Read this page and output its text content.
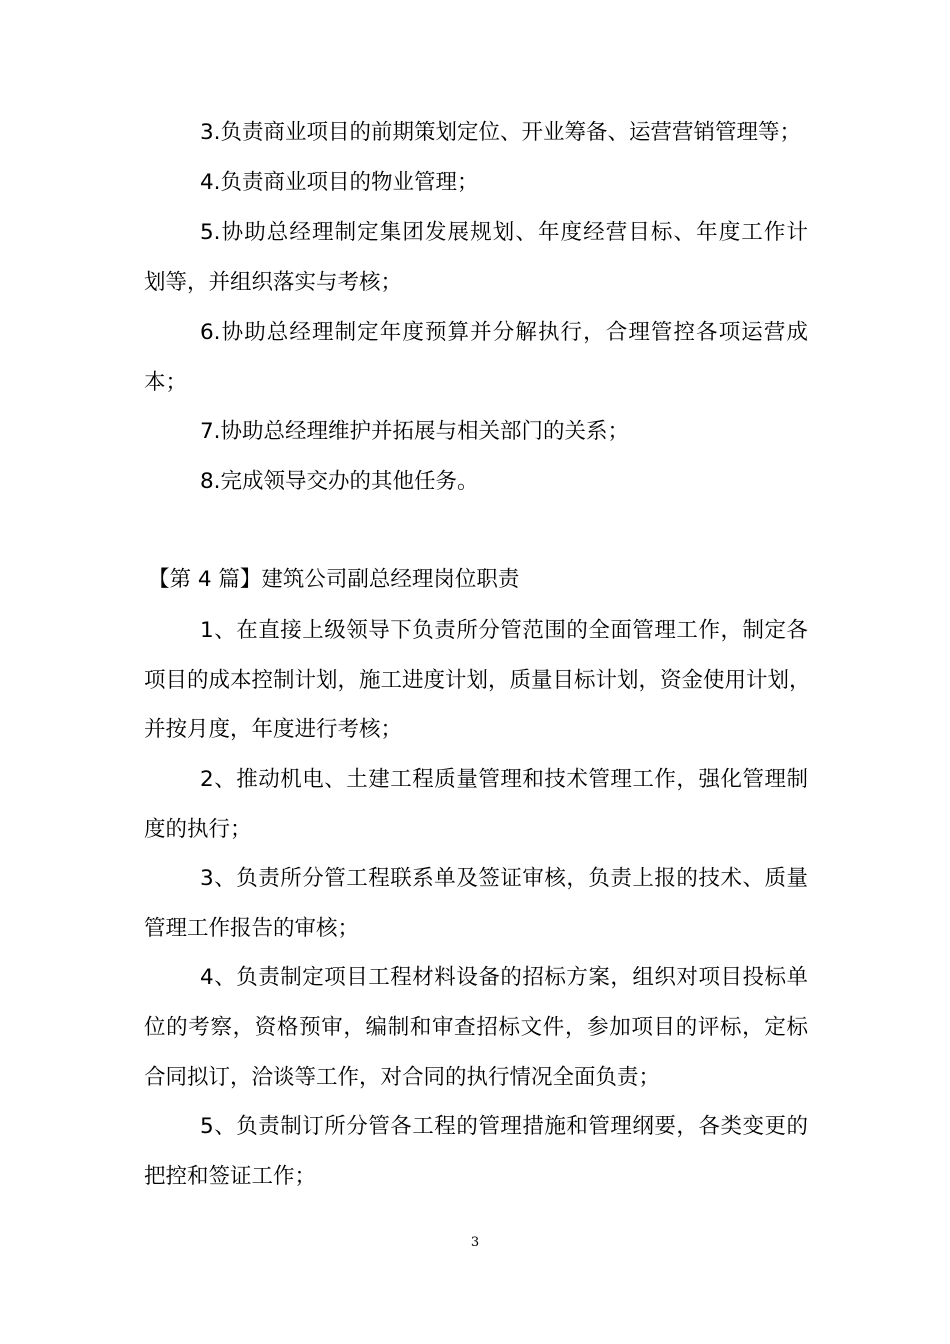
3.负责商业项目的前期策划定位、开业筹备、运营营销管理等；
4.负责商业项目的物业管理；
5.协助总经理制定集团发展规划、年度经营目标、年度工作计
划等，并组织落实与考核；
6.协助总经理制定年度预算并分解执行，合理管控各项运营成
本；
7.协助总经理维护并拓展与相关部门的关系；
8.完成领导交办的其他任务。
【第 4 篇】建筑公司副总经理岗位职责
1、在直接上级领导下负责所分管范围的全面管理工作，制定各
项目的成本控制计划，施工进度计划，质量目标计划，资金使用计划，
并按月度，年度进行考核；
2、推动机电、土建工程质量管理和技术管理工作，强化管理制
度的执行；
3、负责所分管工程联系单及签证审核，负责上报的技术、质量
管理工作报告的审核；
4、负责制定项目工程材料设备的招标方案，组织对项目投标单
位的考察，资格预审，编制和审查招标文件，参加项目的评标，定标
合同拟订，洽谈等工作，对合同的执行情况全面负责；
5、负责制订所分管各工程的管理措施和管理纲要，各类变更的
把控和签证工作；
3
